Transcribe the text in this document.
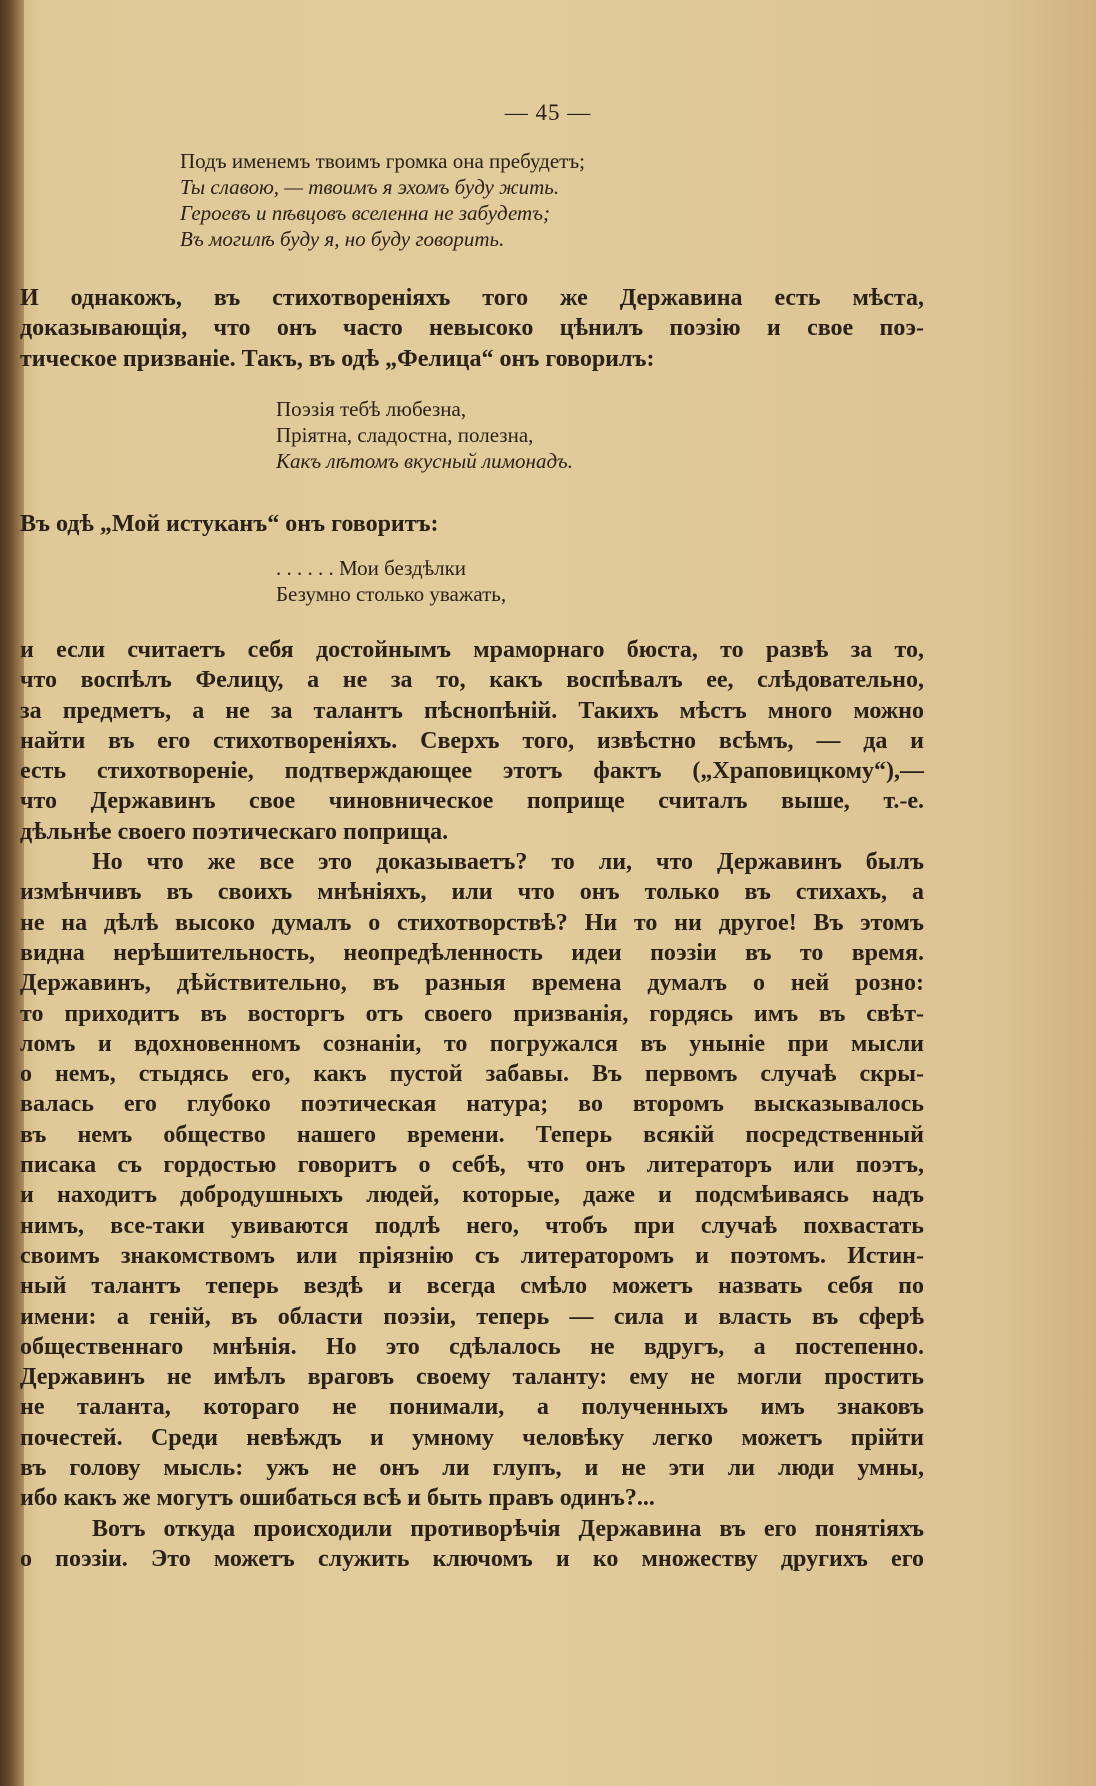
— 45 —
Подъ именемъ твоимъ громка она пребудетъ;
Ты славою, — твоимъ я эхомъ буду жить.
Героевъ и пѣвцовъ вселенна не забудетъ;
Въ могилѣ буду я, но буду говорить.
И однакожъ, въ стихотвореніяхъ того же Державина есть мѣста,
доказывающія, что онъ часто невысоко цѣнилъ поэзію и свое поэ-
тическое призваніе. Такъ, въ одѣ „Фелица“ онъ говорилъ:
Поэзія тебѣ любезна,
Пріятна, сладостна, полезна,
Какъ лѣтомъ вкусный лимонадъ.
Въ одѣ „Мой истуканъ“ онъ говоритъ:
. . . . . . Мои бездѣлки
Безумно столько уважать,
и если считаетъ себя достойнымъ мраморнаго бюста, то развѣ за то,
что воспѣлъ Фелицу, а не за то, какъ воспѣвалъ ее, слѣдовательно,
за предметъ, а не за талантъ пѣснопѣній. Такихъ мѣстъ много можно
найти въ его стихотвореніяхъ. Сверхъ того, извѣстно всѣмъ, — да и
есть стихотвореніе, подтверждающее этотъ фактъ („Храповицкому“),—
что Державинъ свое чиновническое поприще считалъ выше, т.-е.
дѣльнѣе своего поэтическаго поприща.
Но что же все это доказываетъ? то ли, что Державинъ былъ
измѣнчивъ въ своихъ мнѣніяхъ, или что онъ только въ стихахъ, а
не на дѣлѣ высоко думалъ о стихотворствѣ? Ни то ни другое! Въ этомъ
видна нерѣшительность, неопредѣленность идеи поэзіи въ то время.
Державинъ, дѣйствительно, въ разныя времена думалъ о ней розно:
то приходитъ въ восторгъ отъ своего призванія, гордясь имъ въ свѣт-
ломъ и вдохновенномъ сознаніи, то погружался въ уныніе при мысли
о немъ, стыдясь его, какъ пустой забавы. Въ первомъ случаѣ скры-
валась его глубоко поэтическая натура; во второмъ высказывалось
въ немъ общество нашего времени. Теперь всякій посредственный
писака съ гордостью говоритъ о себѣ, что онъ литераторъ или поэтъ,
и находитъ добродушныхъ людей, которые, даже и подсмѣиваясь надъ
нимъ, все-таки увиваются подлѣ него, чтобъ при случаѣ похвастать
своимъ знакомствомъ или пріязнію съ литераторомъ и поэтомъ. Истин-
ный талантъ теперь вездѣ и всегда смѣло можетъ назвать себя по
имени: а геній, въ области поэзіи, теперь — сила и власть въ сферѣ
общественнаго мнѣнія. Но это сдѣлалось не вдругъ, а постепенно.
Державинъ не имѣлъ враговъ своему таланту: ему не могли простить
не таланта, котораго не понимали, а полученныхъ имъ знаковъ
почестей. Среди невѣждъ и умному человѣку легко можетъ прійти
въ голову мысль: ужъ не онъ ли глупъ, и не эти ли люди умны,
ибо какъ же могутъ ошибаться всѣ и быть правъ одинъ?...
Вотъ откуда происходили противорѣчія Державина въ его понятіяхъ
о поэзіи. Это можетъ служить ключомъ и ко множеству другихъ его
